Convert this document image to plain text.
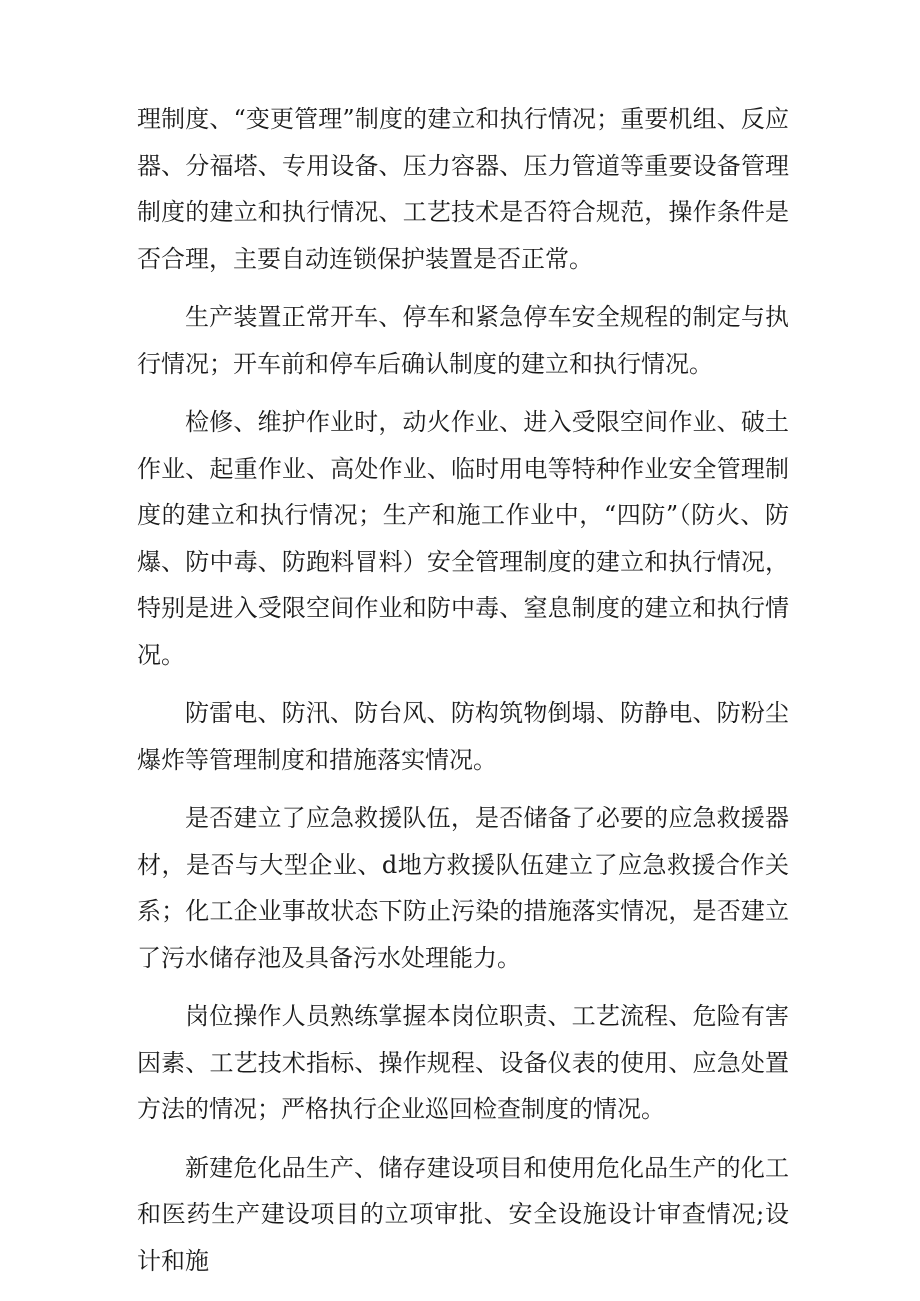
理制度、“变更管理”制度的建立和执行情况；重要机组、反应器、分福塔、专用设备、压力容器、压力管道等重要设备管理制度的建立和执行情况、工艺技术是否符合规范，操作条件是否合理，主要自动连锁保护装置是否正常。

生产装置正常开车、停车和紧急停车安全规程的制定与执行情况；开车前和停车后确认制度的建立和执行情况。

检修、维护作业时，动火作业、进入受限空间作业、破土作业、起重作业、高处作业、临时用电等特种作业安全管理制度的建立和执行情况；生产和施工作业中，“四防”（防火、防爆、防中毒、防跑料冒料）安全管理制度的建立和执行情况，特别是进入受限空间作业和防中毒、窒息制度的建立和执行情况。

防雷电、防汛、防台风、防构筑物倒塌、防静电、防粉尘爆炸等管理制度和措施落实情况。

是否建立了应急救援队伍，是否储备了必要的应急救援器材，是否与大型企业、d地方救援队伍建立了应急救援合作关系；化工企业事故状态下防止污染的措施落实情况，是否建立了污水储存池及具备污水处理能力。

岗位操作人员熟练掌握本岗位职责、工艺流程、危险有害因素、工艺技术指标、操作规程、设备仪表的使用、应急处置方法的情况；严格执行企业巡回检查制度的情况。

新建危化品生产、储存建设项目和使用危化品生产的化工和医药生产建设项目的立项审批、安全设施设计审查情况;设计和施
